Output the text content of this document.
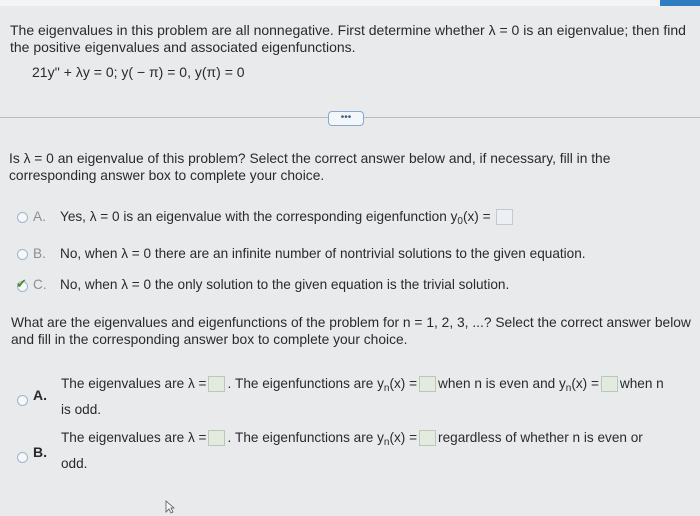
The eigenvalues in this problem are all nonnegative. First determine whether λ = 0 is an eigenvalue; then find
the positive eigenvalues and associated eigenfunctions.
21y'' + λy = 0; y( − π) = 0, y(π) = 0
•••
Is λ = 0 an eigenvalue of this problem? Select the correct answer below and, if necessary, fill in the
corresponding answer box to complete your choice.
A. Yes, λ = 0 is an eigenvalue with the corresponding eigenfunction $y_0(x)$ =
B. No, when λ = 0 there are an infinite number of nontrivial solutions to the given equation.
✔ C. No, when λ = 0 the only solution to the given equation is the trivial solution.
What are the eigenvalues and eigenfunctions of the problem for n = 1, 2, 3, ...? Select the correct answer below
and fill in the corresponding answer box to complete your choice.
A.
The eigenvalues are λ = . The eigenfunctions are $y_n(x)$ = when n is even and $y_n(x)$ = when n
is odd.
B.
The eigenvalues are λ = . The eigenfunctions are $y_n(x)$ = regardless of whether n is even or
odd.
